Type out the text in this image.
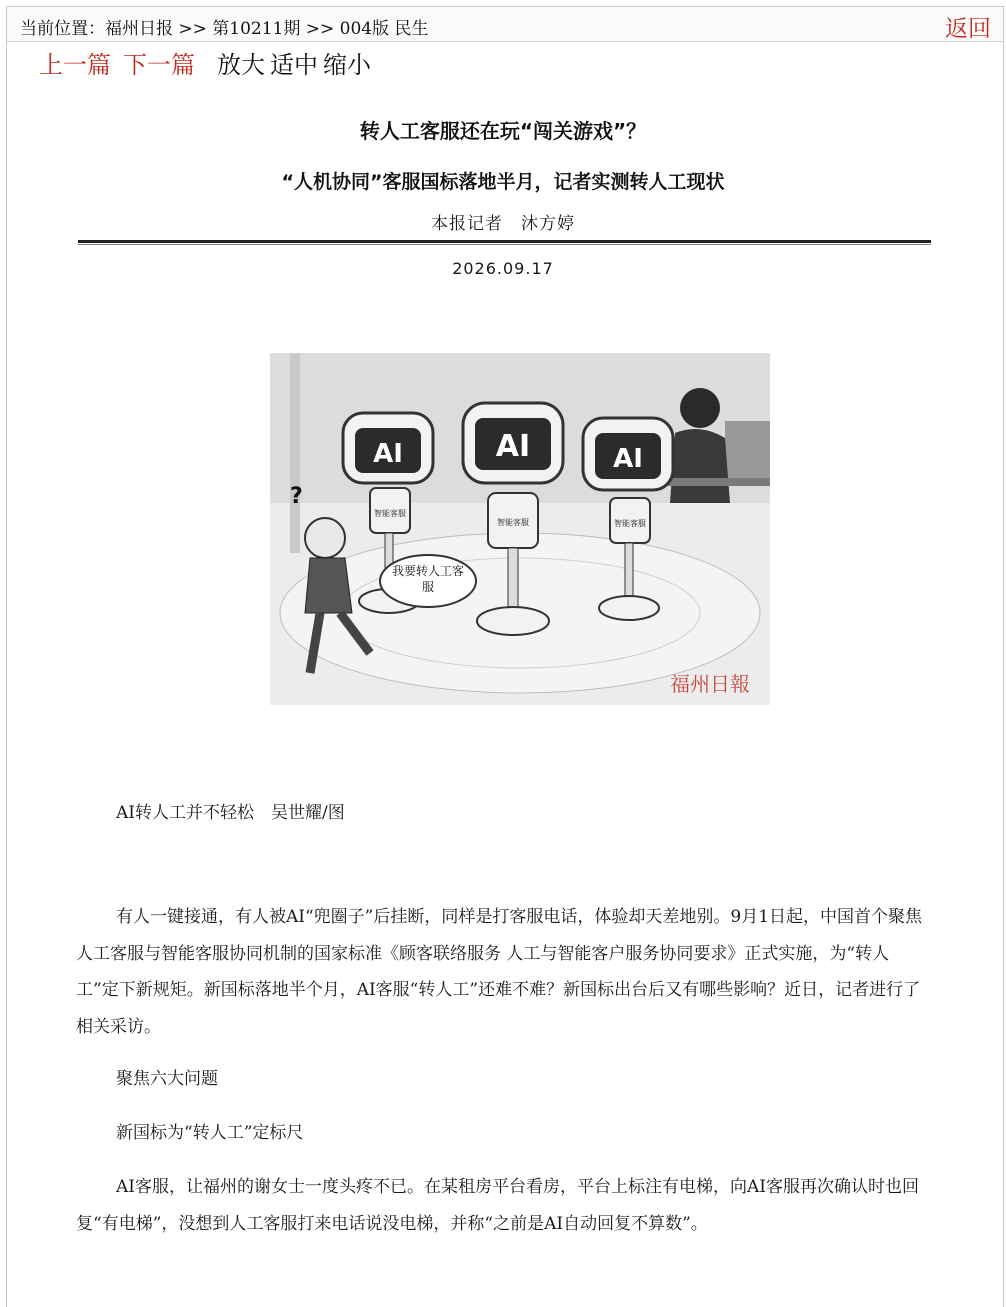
当前位置：福州日报 >> 第10211期 >> 004版 民生	返回
上一篇 下一篇 放大 适中 缩小
转人工客服还在玩“闯关游戏”？
“人机协同”客服国标落地半月，记者实测转人工现状
本报记者　沐方婷
2026.09.17
AI
智能客服
AI
智能客服
AI
智能客服
?
我要转人工客服
福州日報
AI转人工并不轻松　吴世耀/图

有人一键接通，有人被AI“兜圈子”后挂断，同样是打客服电话，体验却天差地别。9月1日起，中国首个聚焦人工客服与智能客服协同机制的国家标准《顾客联络服务 人工与智能客户服务协同要求》正式实施，为“转人工”定下新规矩。新国标落地半个月，AI客服“转人工”还难不难？新国标出台后又有哪些影响？近日，记者进行了相关采访。

聚焦六大问题

新国标为“转人工”定标尺

AI客服，让福州的谢女士一度头疼不已。在某租房平台看房，平台上标注有电梯，向AI客服再次确认时也回复“有电梯”，没想到人工客服打来电话说没电梯，并称“之前是AI自动回复不算数”。
